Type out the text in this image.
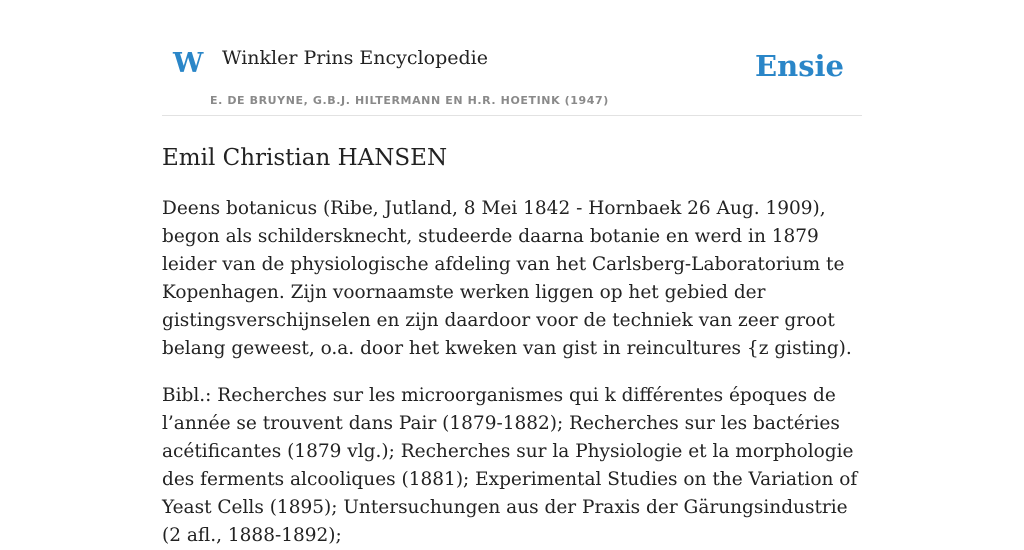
W Winkler Prins Encyclopedie
E. DE BRUYNE, G.B.J. HILTERMANN EN H.R. HOETINK (1947)
Ensie
Emil Christian HANSEN

Deens botanicus (Ribe, Jutland, 8 Mei 1842 - Hornbaek 26 Aug. 1909), begon als schildersknecht, studeerde daarna botanie en werd in 1879 leider van de physiologische afdeling van het Carlsberg-Laboratorium te Kopenhagen. Zijn voornaamste werken liggen op het gebied der gistingsverschijnselen en zijn daardoor voor de techniek van zeer groot belang geweest, o.a. door het kweken van gist in reincultures {z gisting).

Bibl.: Recherches sur les microorganismes qui k différentes époques de l’année se trouvent dans Pair (1879-1882); Recherches sur les bactéries acétificantes (1879 vlg.); Recherches sur la Physiologie et la morphologie des ferments alcooliques (1881); Experimental Studies on the Variation of Yeast Cells (1895); Untersuchungen aus der Praxis der Gärungsindustrie (2 afl., 1888-1892);
